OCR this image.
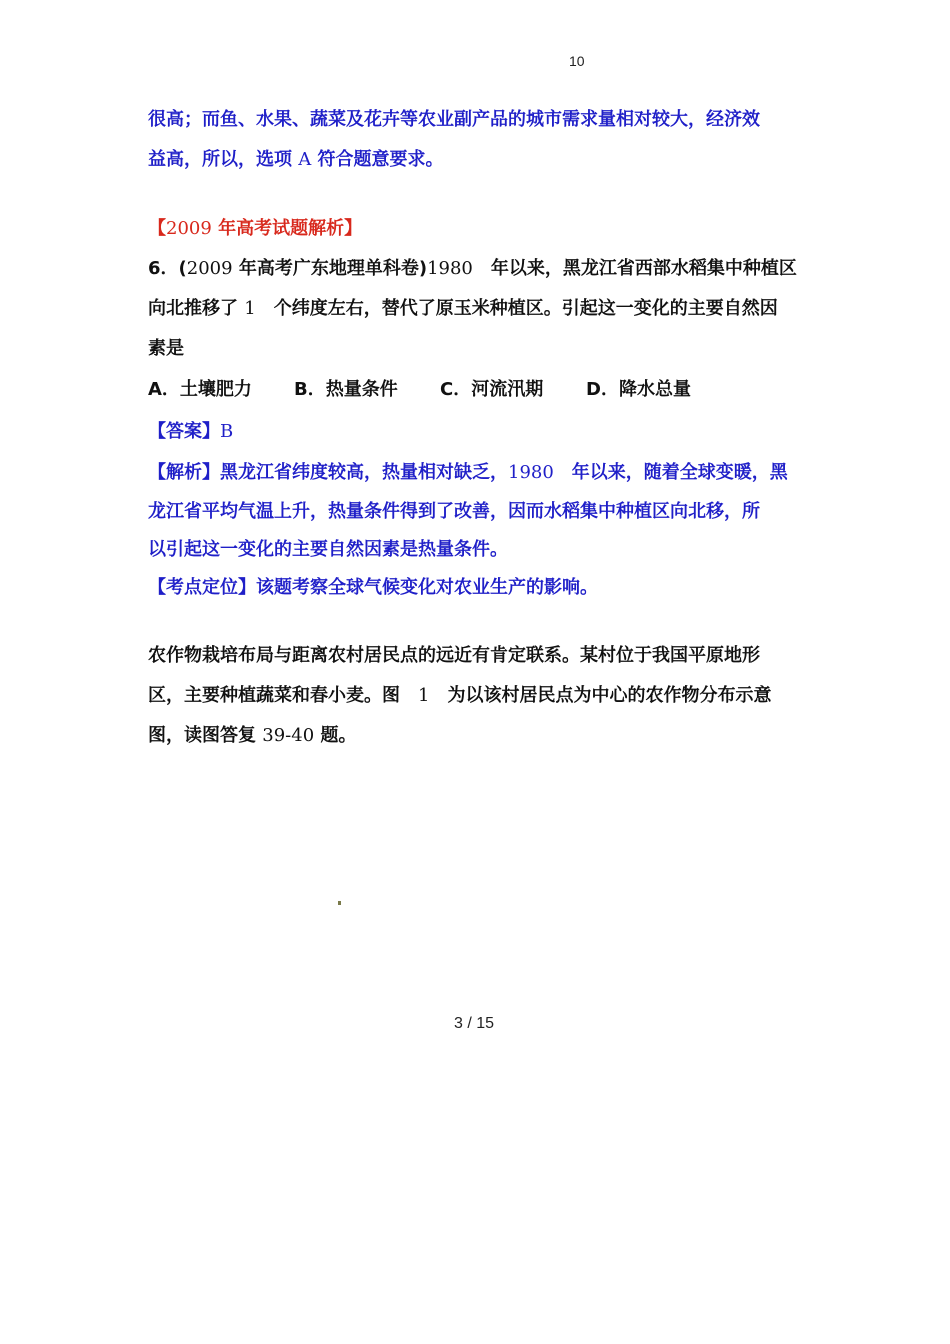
10
很高；而鱼、水果、蔬菜及花卉等农业副产品的城市需求量相对较大，经济效
益高，所以，选项 A 符合题意要求。
【2009 年高考试题解析】
6．(2009 年高考广东地理单科卷)1980　年以来，黑龙江省西部水稻集中种植区
向北推移了 1　个纬度左右，替代了原玉米种植区。引起这一变化的主要自然因
素是
A．土壤肥力 B．热量条件 C．河流汛期 D．降水总量
【答案】B
【解析】黑龙江省纬度较高，热量相对缺乏，1980　年以来，随着全球变暖，黑
龙江省平均气温上升，热量条件得到了改善，因而水稻集中种植区向北移，所
以引起这一变化的主要自然因素是热量条件。
【考点定位】该题考察全球气候变化对农业生产的影响。
农作物栽培布局与距离农村居民点的远近有肯定联系。某村位于我国平原地形
区，主要种植蔬菜和春小麦。图　1　为以该村居民点为中心的农作物分布示意
图，读图答复 39-40 题。
3 / 15
